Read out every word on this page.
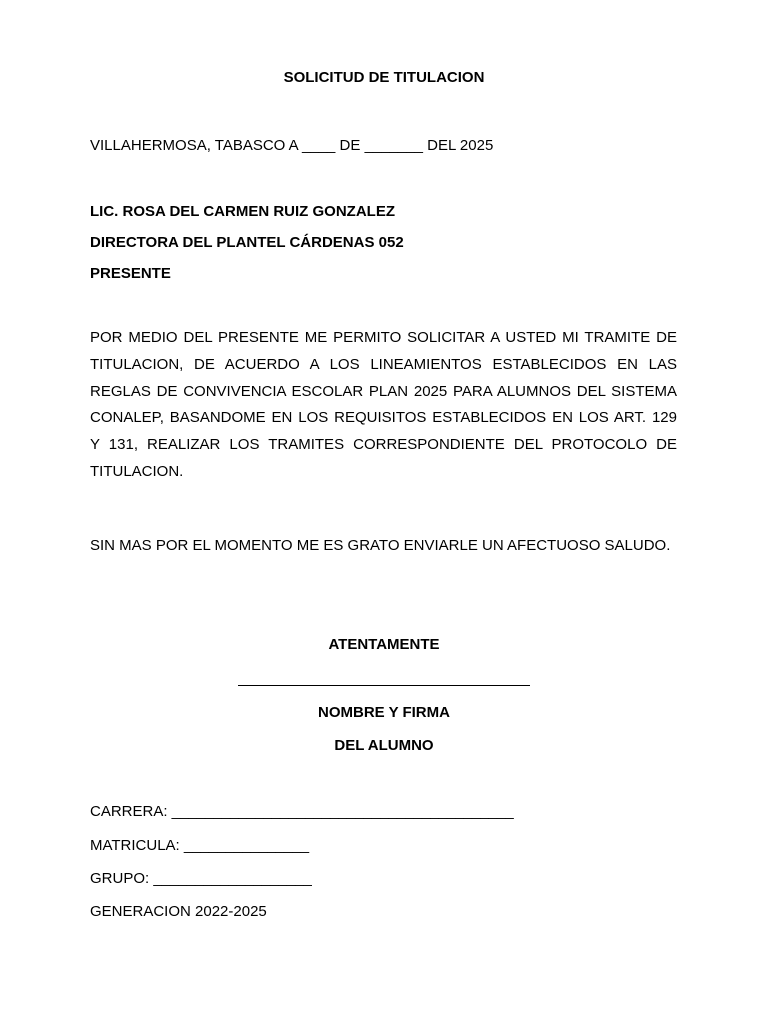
SOLICITUD DE TITULACION
VILLAHERMOSA, TABASCO A ____ DE _______ DEL 2025
LIC. ROSA DEL CARMEN RUIZ GONZALEZ
DIRECTORA DEL PLANTEL CÁRDENAS 052
PRESENTE
POR MEDIO DEL PRESENTE ME PERMITO SOLICITAR A USTED MI TRAMITE DE
TITULACION, DE ACUERDO A LOS LINEAMIENTOS ESTABLECIDOS EN LAS
REGLAS DE CONVIVENCIA ESCOLAR PLAN 2025 PARA ALUMNOS DEL SISTEMA
CONALEP, BASANDOME EN LOS REQUISITOS ESTABLECIDOS EN LOS ART. 129
Y 131, REALIZAR LOS TRAMITES CORRESPONDIENTE DEL PROTOCOLO DE
TITULACION.
SIN MAS POR EL MOMENTO ME ES GRATO ENVIARLE UN AFECTUOSO SALUDO.
ATENTAMENTE
NOMBRE Y FIRMA
DEL ALUMNO
CARRERA: _________________________________________
MATRICULA: _______________
GRUPO: ___________________
GENERACION 2022-2025
